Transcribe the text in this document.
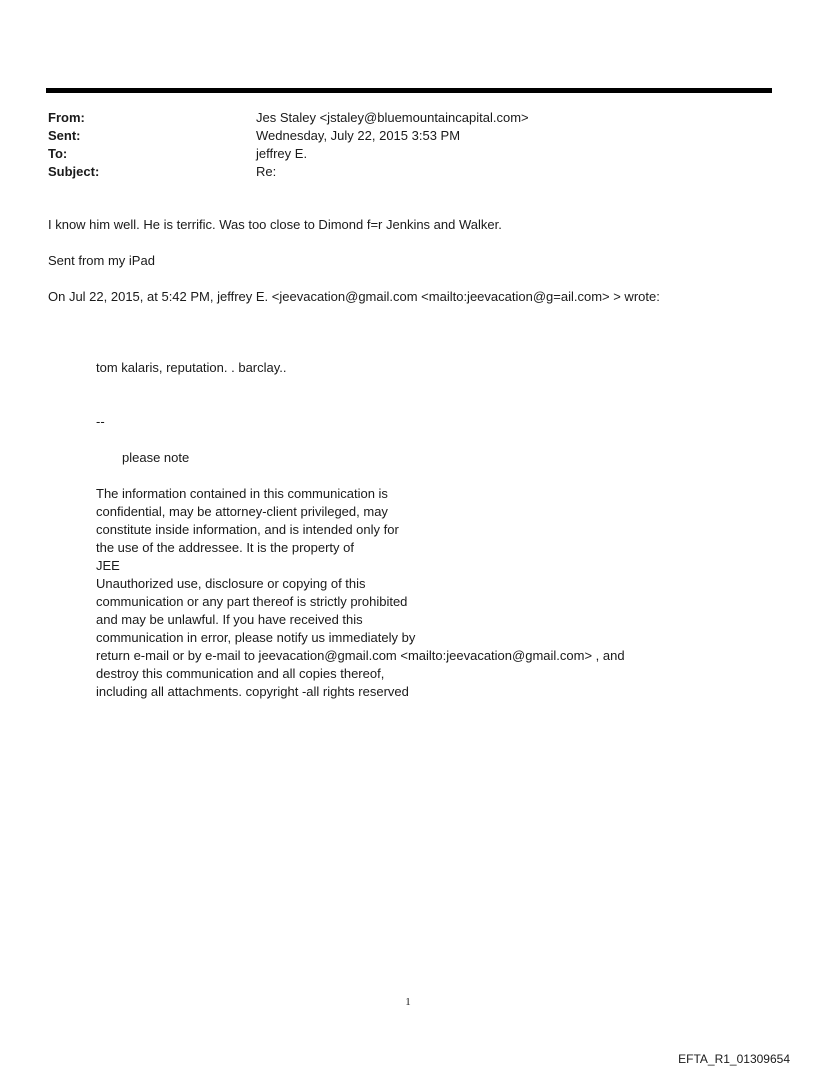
From:	Jes Staley <jstaley@bluemountaincapital.com>
Sent:	Wednesday, July 22, 2015 3:53 PM
To:	jeffrey E.
Subject:	Re:
I know him well. He is terrific. Was too close to Dimond f=r Jenkins and Walker.
Sent from my iPad
On Jul 22, 2015, at 5:42 PM, jeffrey E. <jeevacation@gmail.com <mailto:jeevacation@g=ail.com> > wrote:
tom kalaris, reputation. . barclay..
--
please note
The information contained in this communication is
confidential, may be attorney-client privileged, may
constitute inside information, and is intended only for
the use of the addressee. It is the property of
JEE
Unauthorized use, disclosure or copying of this
communication or any part thereof is strictly prohibited
and may be unlawful. If you have received this
communication in error, please notify us immediately by
return e-mail or by e-mail to jeevacation@gmail.com <mailto:jeevacation@gmail.com> , and
destroy this communication and all copies thereof,
including all attachments. copyright -all rights reserved
1
EFTA_R1_01309654
